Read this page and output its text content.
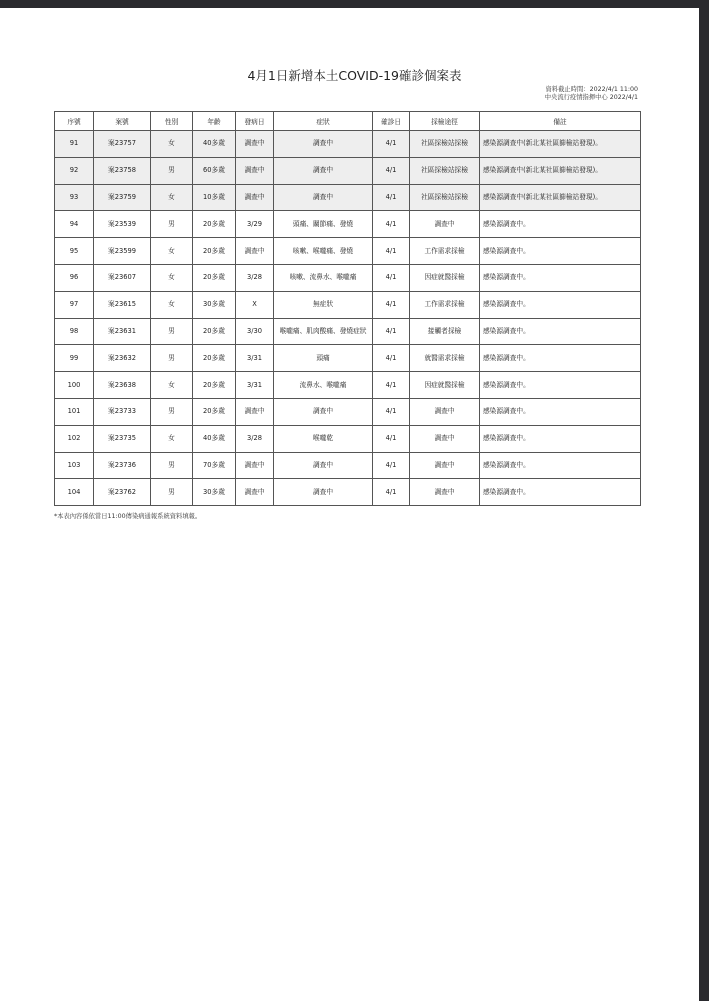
4月1日新增本土COVID-19確診個案表
資料截止時間：2022/4/1 11:00
中央流行疫情指揮中心 2022/4/1
序號	案號	性別	年齡	發病日	症狀	確診日	採檢途徑	備註
91	案23757	女	40多歲	調查中	調查中	4/1	社區採檢站採檢	感染源調查中(新北某社區篩檢站發現)。
92	案23758	男	60多歲	調查中	調查中	4/1	社區採檢站採檢	感染源調查中(新北某社區篩檢站發現)。
93	案23759	女	10多歲	調查中	調查中	4/1	社區採檢站採檢	感染源調查中(新北某社區篩檢站發現)。
94	案23539	男	20多歲	3/29	頭痛、關節痛、發燒	4/1	調查中	感染源調查中。
95	案23599	女	20多歲	調查中	咳嗽、喉嚨痛、發燒	4/1	工作需求採檢	感染源調查中。
96	案23607	女	20多歲	3/28	咳嗽、流鼻水、喉嚨痛	4/1	因症就醫採檢	感染源調查中。
97	案23615	女	30多歲	X	無症狀	4/1	工作需求採檢	感染源調查中。
98	案23631	男	20多歲	3/30	喉嚨痛、肌肉酸痛、發燒症狀	4/1	接觸者採檢	感染源調查中。
99	案23632	男	20多歲	3/31	頭痛	4/1	就醫需求採檢	感染源調查中。
100	案23638	女	20多歲	3/31	流鼻水、喉嚨痛	4/1	因症就醫採檢	感染源調查中。
101	案23733	男	20多歲	調查中	調查中	4/1	調查中	感染源調查中。
102	案23735	女	40多歲	3/28	喉嚨乾	4/1	調查中	感染源調查中。
103	案23736	男	70多歲	調查中	調查中	4/1	調查中	感染源調查中。
104	案23762	男	30多歲	調查中	調查中	4/1	調查中	感染源調查中。
*本表內容係依當日11:00傳染病通報系統資料填報。
